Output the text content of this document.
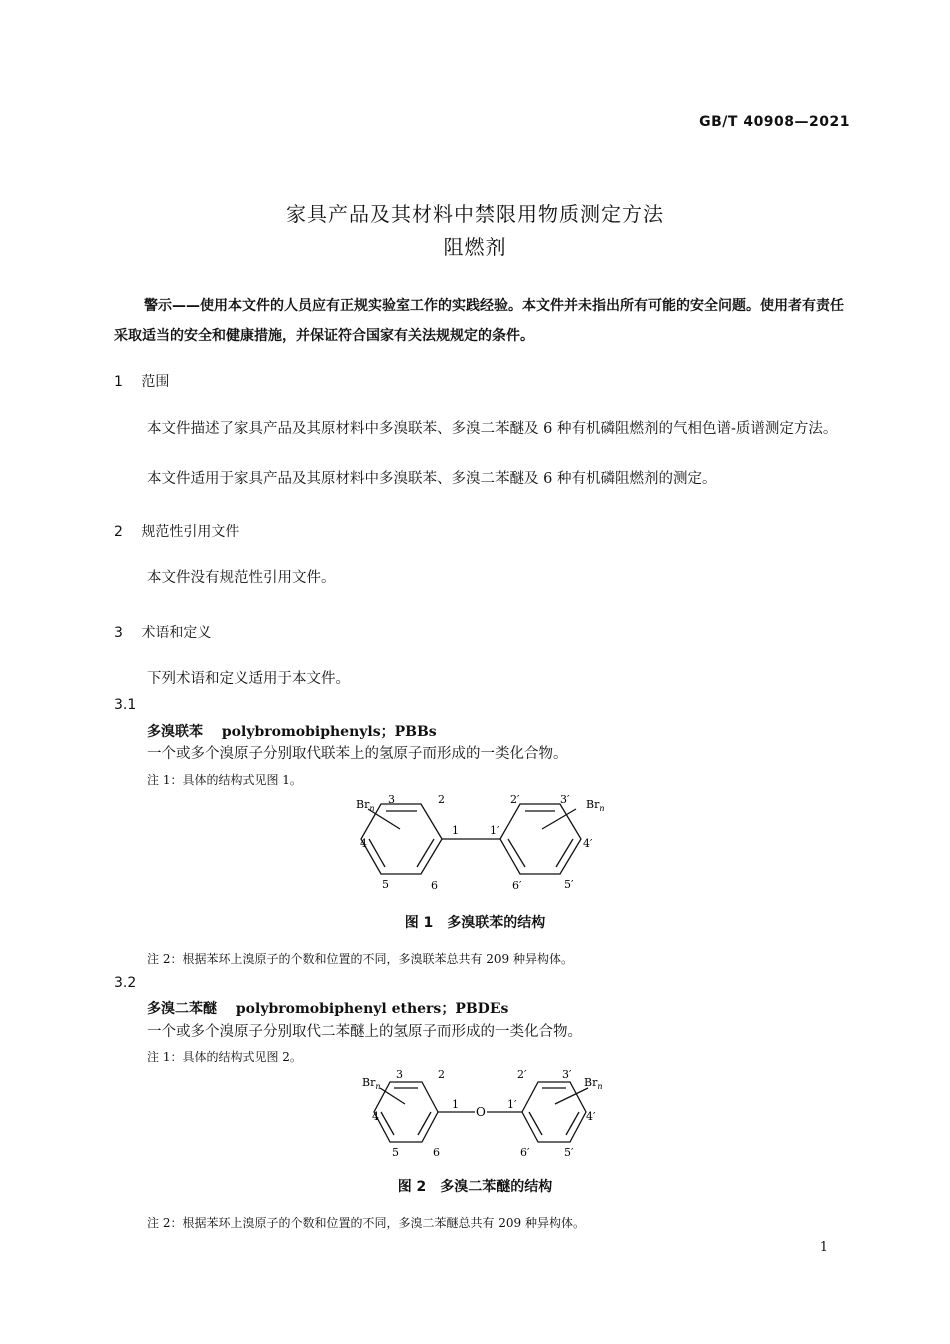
GB/T 40908—2021
家具产品及其材料中禁限用物质测定方法
阻燃剂
警示——使用本文件的人员应有正规实验室工作的实践经验。本文件并未指出所有可能的安全问题。使用者有责任采取适当的安全和健康措施，并保证符合国家有关法规规定的条件。
1 范围
本文件描述了家具产品及其原材料中多溴联苯、多溴二苯醚及 6 种有机磷阻燃剂的气相色谱-质谱测定方法。
本文件适用于家具产品及其原材料中多溴联苯、多溴二苯醚及 6 种有机磷阻燃剂的测定。
2 规范性引用文件
本文件没有规范性引用文件。
3 术语和定义
下列术语和定义适用于本文件。
3.1
多溴联苯 polybromobiphenyls；PBBs
一个或多个溴原子分别取代联苯上的氢原子而形成的一类化合物。
注 1：具体的结构式见图 1。
$Br_n$	$Br_n$
1
2
3
4
5	6
1′
2′	3′
4′
5′
6′
图 1　多溴联苯的结构
注 2：根据苯环上溴原子的个数和位置的不同，多溴联苯总共有 209 种异构体。
3.2
多溴二苯醚 polybromobiphenyl ethers；PBDEs
一个或多个溴原子分别取代二苯醚上的氢原子而形成的一类化合物。
注 1：具体的结构式见图 2。
O
$Br_n$	$Br_n$
1
2
3
4
5	6
1′
2′	3′
4′
5′
6′
图 2　多溴二苯醚的结构
注 2：根据苯环上溴原子的个数和位置的不同，多溴二苯醚总共有 209 种异构体。
1
